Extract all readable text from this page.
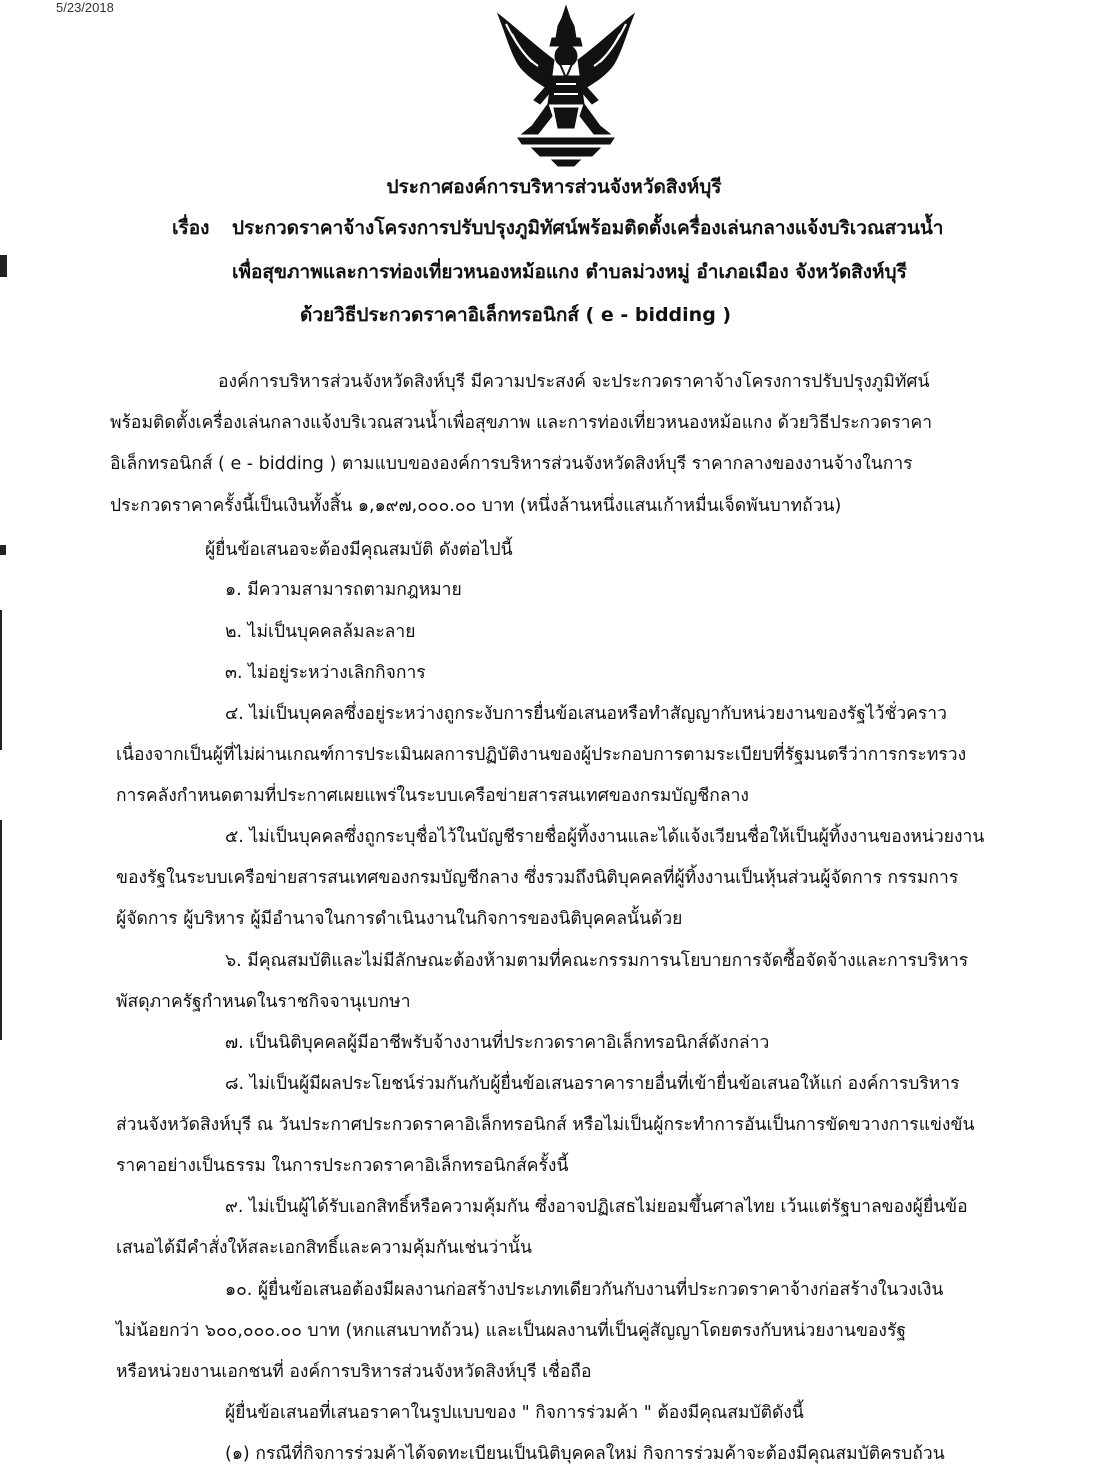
5/23/2018
ประกาศองค์การบริหารส่วนจังหวัดสิงห์บุรี
เรื่อง ประกวดราคาจ้างโครงการปรับปรุงภูมิทัศน์พร้อมติดตั้งเครื่องเล่นกลางแจ้งบริเวณสวนน้ำ
เพื่อสุขภาพและการท่องเที่ยวหนองหม้อแกง ตำบลม่วงหมู่ อำเภอเมือง จังหวัดสิงห์บุรี
ด้วยวิธีประกวดราคาอิเล็กทรอนิกส์ ( e - bidding )
องค์การบริหารส่วนจังหวัดสิงห์บุรี มีความประสงค์ จะประกวดราคาจ้างโครงการปรับปรุงภูมิทัศน์
พร้อมติดตั้งเครื่องเล่นกลางแจ้งบริเวณสวนน้ำเพื่อสุขภาพ และการท่องเที่ยวหนองหม้อแกง ด้วยวิธีประกวดราคา
อิเล็กทรอนิกส์ ( e - bidding ) ตามแบบขององค์การบริหารส่วนจังหวัดสิงห์บุรี ราคากลางของงานจ้างในการ
ประกวดราคาครั้งนี้เป็นเงินทั้งสิ้น ๑,๑๙๗,๐๐๐.๐๐ บาท (หนึ่งล้านหนึ่งแสนเก้าหมื่นเจ็ดพันบาทถ้วน)
ผู้ยื่นข้อเสนอจะต้องมีคุณสมบัติ ดังต่อไปนี้
๑. มีความสามารถตามกฎหมาย
๒. ไม่เป็นบุคคลล้มละลาย
๓. ไม่อยู่ระหว่างเลิกกิจการ
๔. ไม่เป็นบุคคลซึ่งอยู่ระหว่างถูกระงับการยื่นข้อเสนอหรือทำสัญญากับหน่วยงานของรัฐไว้ชั่วคราว
เนื่องจากเป็นผู้ที่ไม่ผ่านเกณฑ์การประเมินผลการปฏิบัติงานของผู้ประกอบการตามระเบียบที่รัฐมนตรีว่าการกระทรวง
การคลังกำหนดตามที่ประกาศเผยแพร่ในระบบเครือข่ายสารสนเทศของกรมบัญชีกลาง
๕. ไม่เป็นบุคคลซึ่งถูกระบุชื่อไว้ในบัญชีรายชื่อผู้ทิ้งงานและได้แจ้งเวียนชื่อให้เป็นผู้ทิ้งงานของหน่วยงาน
ของรัฐในระบบเครือข่ายสารสนเทศของกรมบัญชีกลาง ซึ่งรวมถึงนิติบุคคลที่ผู้ทิ้งงานเป็นหุ้นส่วนผู้จัดการ กรรมการ
ผู้จัดการ ผู้บริหาร ผู้มีอำนาจในการดำเนินงานในกิจการของนิติบุคคลนั้นด้วย
๖. มีคุณสมบัติและไม่มีลักษณะต้องห้ามตามที่คณะกรรมการนโยบายการจัดซื้อจัดจ้างและการบริหาร
พัสดุภาครัฐกำหนดในราชกิจจานุเบกษา
๗. เป็นนิติบุคคลผู้มีอาชีพรับจ้างงานที่ประกวดราคาอิเล็กทรอนิกส์ดังกล่าว
๘. ไม่เป็นผู้มีผลประโยชน์ร่วมกันกับผู้ยื่นข้อเสนอราคารายอื่นที่เข้ายื่นข้อเสนอให้แก่ องค์การบริหาร
ส่วนจังหวัดสิงห์บุรี ณ วันประกาศประกวดราคาอิเล็กทรอนิกส์ หรือไม่เป็นผู้กระทำการอันเป็นการขัดขวางการแข่งขัน
ราคาอย่างเป็นธรรม ในการประกวดราคาอิเล็กทรอนิกส์ครั้งนี้
๙. ไม่เป็นผู้ได้รับเอกสิทธิ์หรือความคุ้มกัน ซึ่งอาจปฏิเสธไม่ยอมขึ้นศาลไทย เว้นแต่รัฐบาลของผู้ยื่นข้อ
เสนอได้มีคำสั่งให้สละเอกสิทธิ์และความคุ้มกันเช่นว่านั้น
๑๐. ผู้ยื่นข้อเสนอต้องมีผลงานก่อสร้างประเภทเดียวกันกับงานที่ประกวดราคาจ้างก่อสร้างในวงเงิน
ไม่น้อยกว่า ๖๐๐,๐๐๐.๐๐ บาท (หกแสนบาทถ้วน) และเป็นผลงานที่เป็นคู่สัญญาโดยตรงกับหน่วยงานของรัฐ
หรือหน่วยงานเอกชนที่ องค์การบริหารส่วนจังหวัดสิงห์บุรี เชื่อถือ
ผู้ยื่นข้อเสนอที่เสนอราคาในรูปแบบของ " กิจการร่วมค้า " ต้องมีคุณสมบัติดังนี้
(๑) กรณีที่กิจการร่วมค้าได้จดทะเบียนเป็นนิติบุคคลใหม่ กิจการร่วมค้าจะต้องมีคุณสมบัติครบถ้วน
